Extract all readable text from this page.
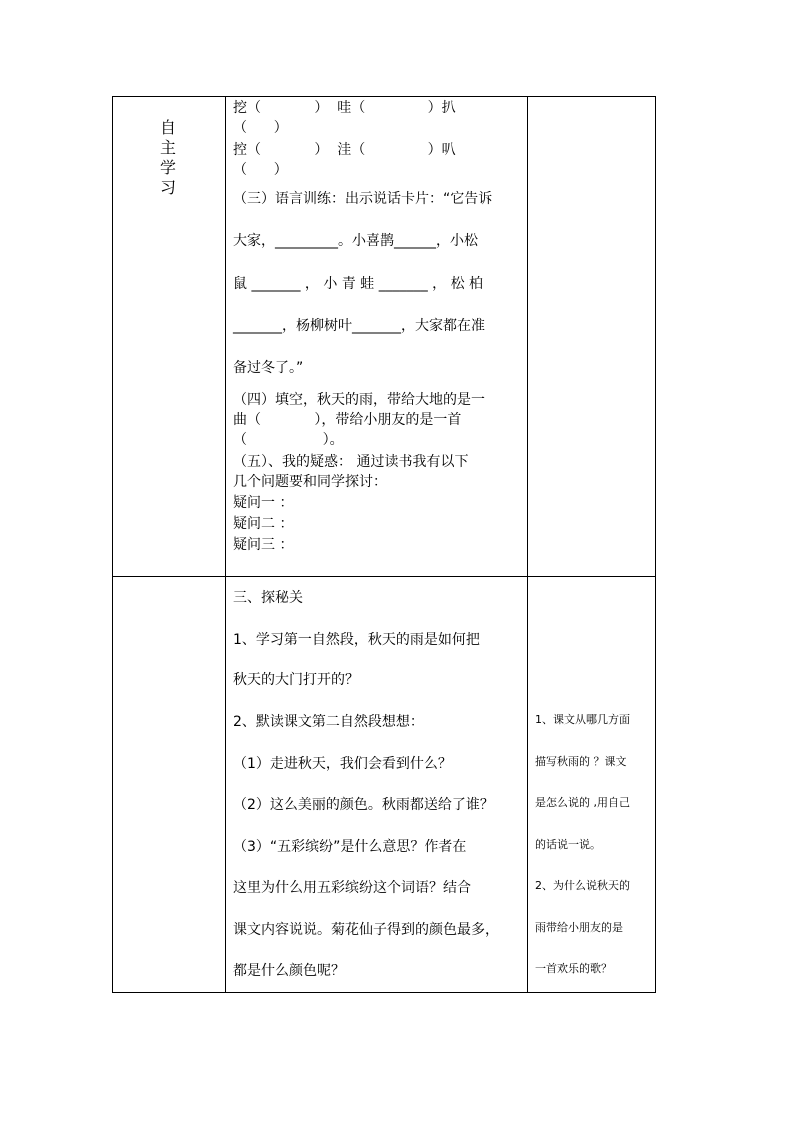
自
主
学
习
挖（            ）  哇（              ）扒
（      ）
控（            ）  洼（              ）叭
（      ）
（三）语言训练：出示说话卡片：“它告诉
大家，_________。小喜鹊______，小松
鼠 _______ ， 小 青 蛙 _______ ， 松 柏
_______，杨柳树叶_______，大家都在准
备过冬了。”
（四）填空，秋天的雨，带给大地的是一
曲（            ），带给小朋友的是一首
（                 ）。
（五）、我的疑惑： 通过读书我有以下
几个问题要和同学探讨：
疑问一 ：
疑问二 ：
疑问三 ：
三、探秘关
1、学习第一自然段，秋天的雨是如何把
秋天的大门打开的？
2、默读课文第二自然段想想：
（1）走进秋天，我们会看到什么？
（2）这么美丽的颜色。秋雨都送给了谁？
（3）“五彩缤纷”是什么意思？作者在
这里为什么用五彩缤纷这个词语？结合
课文内容说说。菊花仙子得到的颜色最多，
都是什么颜色呢？
1、课文从哪几方面
描写秋雨的 ？课文
是怎么说的 ,用自己
的话说一说。
2、为什么说秋天的
雨带给小朋友的是
一首欢乐的歌？
